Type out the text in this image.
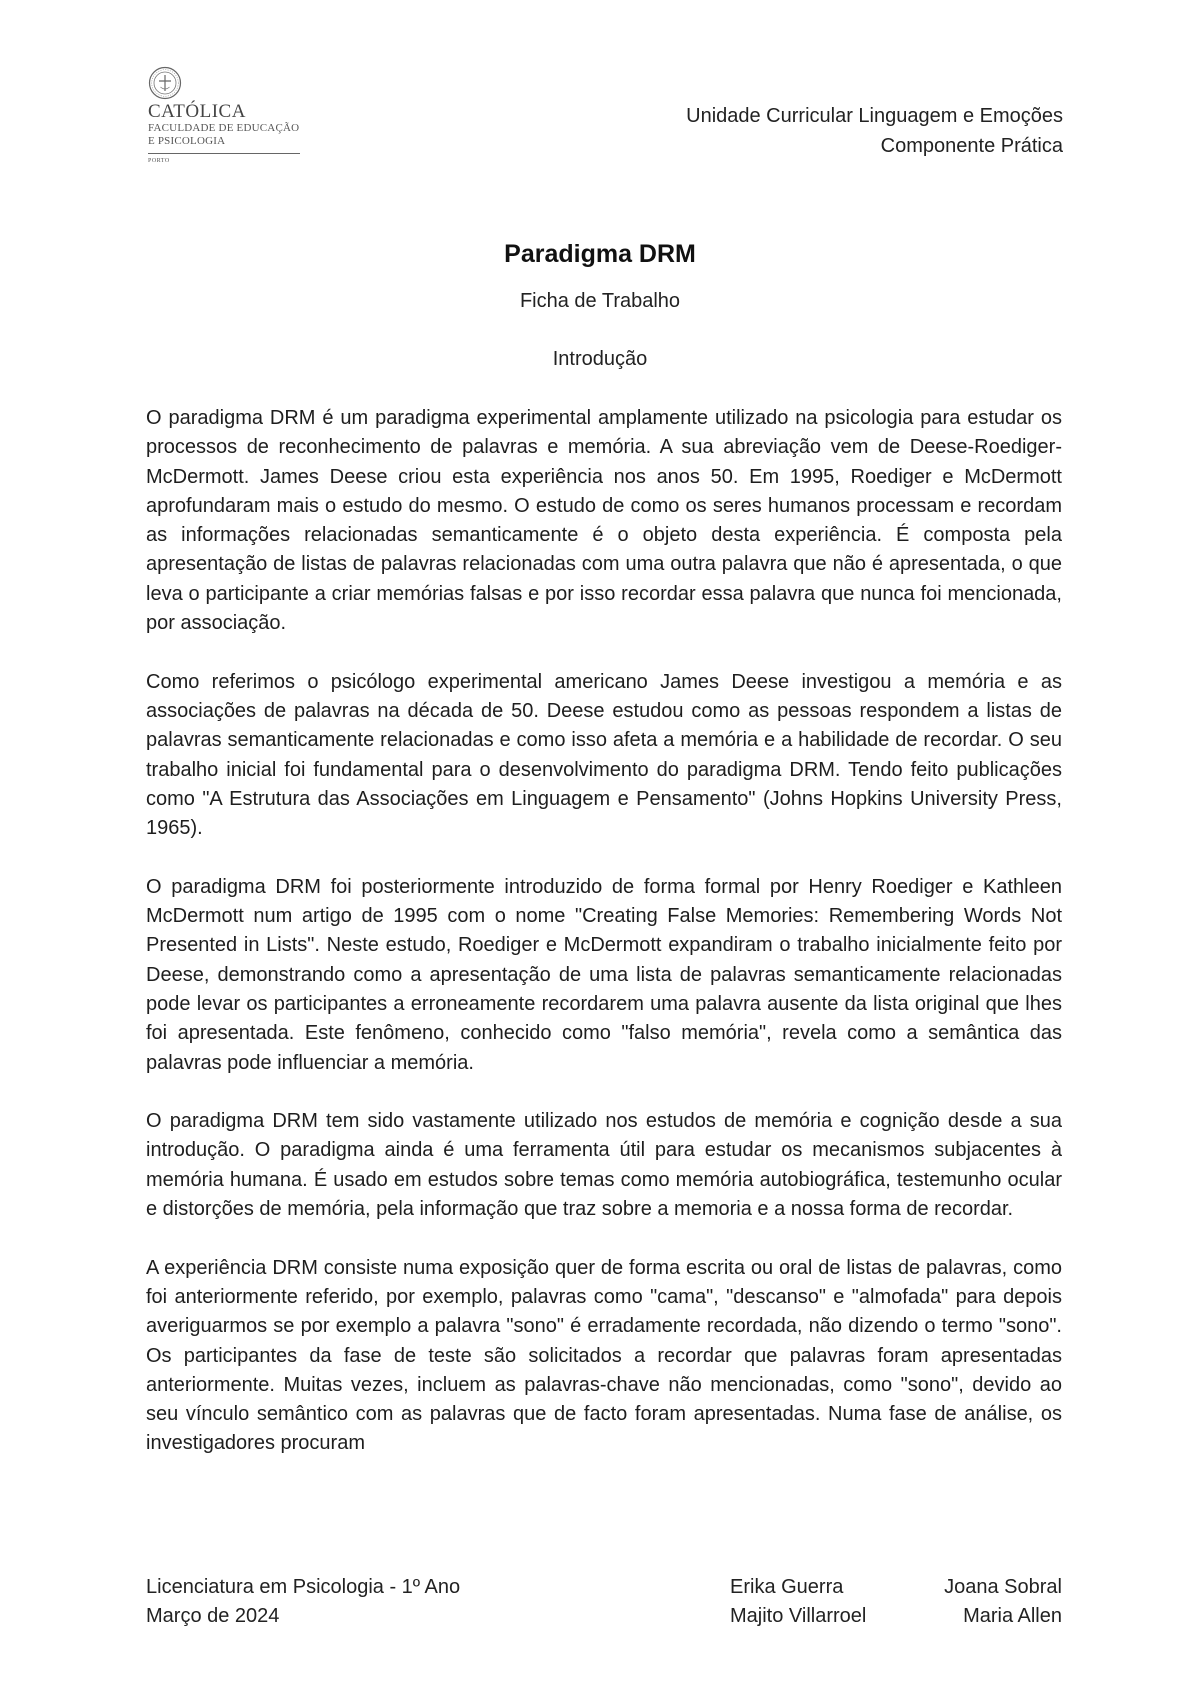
CATÓLICA
FACULDADE DE EDUCAÇÃO
E PSICOLOGIA
PORTO
Unidade Curricular Linguagem e Emoções
Componente Prática
Paradigma DRM
Ficha de Trabalho
Introdução

O paradigma DRM é um paradigma experimental amplamente utilizado na psicologia para estudar os processos de reconhecimento de palavras e memória. A sua abreviação vem de Deese-Roediger-McDermott. James Deese criou esta experiência nos anos 50. Em 1995, Roediger e McDermott aprofundaram mais o estudo do mesmo. O estudo de como os seres humanos processam e recordam as informações relacionadas semanticamente é o objeto desta experiência. É composta pela apresentação de listas de palavras relacionadas com uma outra palavra que não é apresentada, o que leva o participante a criar memórias falsas e por isso recordar essa palavra que nunca foi mencionada, por associação.

Como referimos o psicólogo experimental americano James Deese investigou a memória e as associações de palavras na década de 50. Deese estudou como as pessoas respondem a listas de palavras semanticamente relacionadas e como isso afeta a memória e a habilidade de recordar. O seu trabalho inicial foi fundamental para o desenvolvimento do paradigma DRM. Tendo feito publicações como "A Estrutura das Associações em Linguagem e Pensamento" (Johns Hopkins University Press, 1965).

O paradigma DRM foi posteriormente introduzido de forma formal por Henry Roediger e Kathleen McDermott num artigo de 1995 com o nome "Creating False Memories: Remembering Words Not Presented in Lists". Neste estudo, Roediger e McDermott expandiram o trabalho inicialmente feito por Deese, demonstrando como a apresentação de uma lista de palavras semanticamente relacionadas pode levar os participantes a erroneamente recordarem uma palavra ausente da lista original que lhes foi apresentada. Este fenômeno, conhecido como "falso memória", revela como a semântica das palavras pode influenciar a memória.

O paradigma DRM tem sido vastamente utilizado nos estudos de memória e cognição desde a sua introdução. O paradigma ainda é uma ferramenta útil para estudar os mecanismos subjacentes à memória humana. É usado em estudos sobre temas como memória autobiográfica, testemunho ocular e distorções de memória, pela informação que traz sobre a memoria e a nossa forma de recordar.

A experiência DRM consiste numa exposição quer de forma escrita ou oral de listas de palavras, como foi anteriormente referido, por exemplo, palavras como "cama", "descanso" e "almofada" para depois averiguarmos se por exemplo a palavra "sono" é erradamente recordada, não dizendo o termo "sono". Os participantes da fase de teste são solicitados a recordar que palavras foram apresentadas anteriormente. Muitas vezes, incluem as palavras-chave não mencionadas, como "sono", devido ao seu vínculo semântico com as palavras que de facto foram apresentadas. Numa fase de análise, os investigadores procuram

Licenciatura em Psicologia - 1º Ano
Março de 2024
Erika Guerra	Joana Sobral
Majito Villarroel	Maria Allen
